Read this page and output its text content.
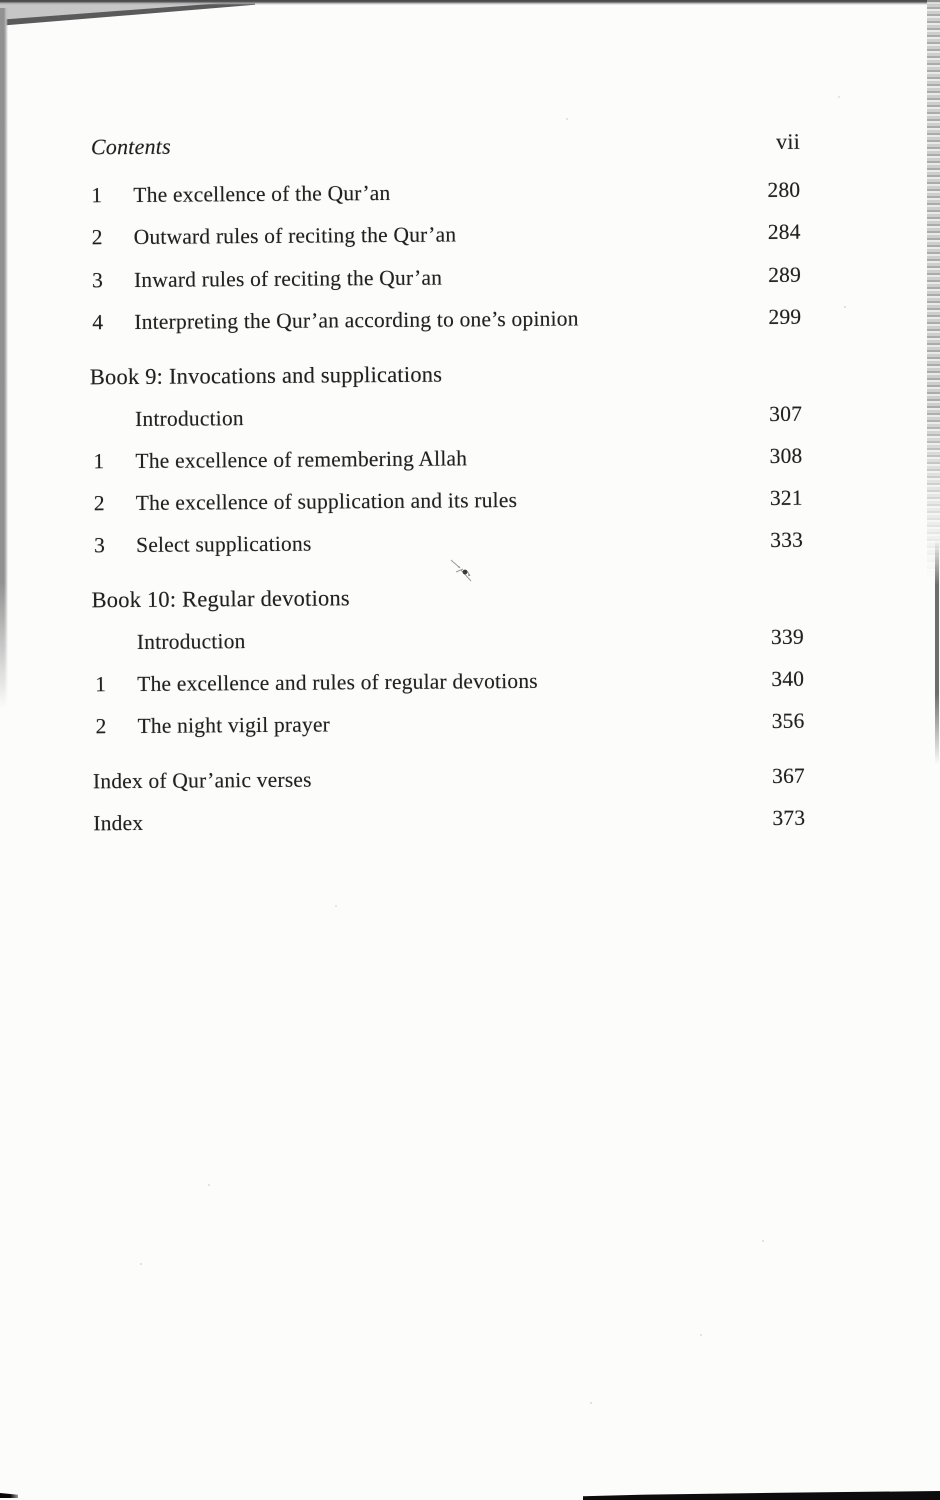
Contents	vii
1 The excellence of the Qur’an	280
2 Outward rules of reciting the Qur’an	284
3 Inward rules of reciting the Qur’an	289
4 Interpreting the Qur’an according to one’s opinion	299
Book 9: Invocations and supplications
Introduction	307
1 The excellence of remembering Allah	308
2 The excellence of supplication and its rules	321
3 Select supplications	333
Book 10: Regular devotions
Introduction	339
1 The excellence and rules of regular devotions	340
2 The night vigil prayer	356
Index of Qur’anic verses	367
Index	373
